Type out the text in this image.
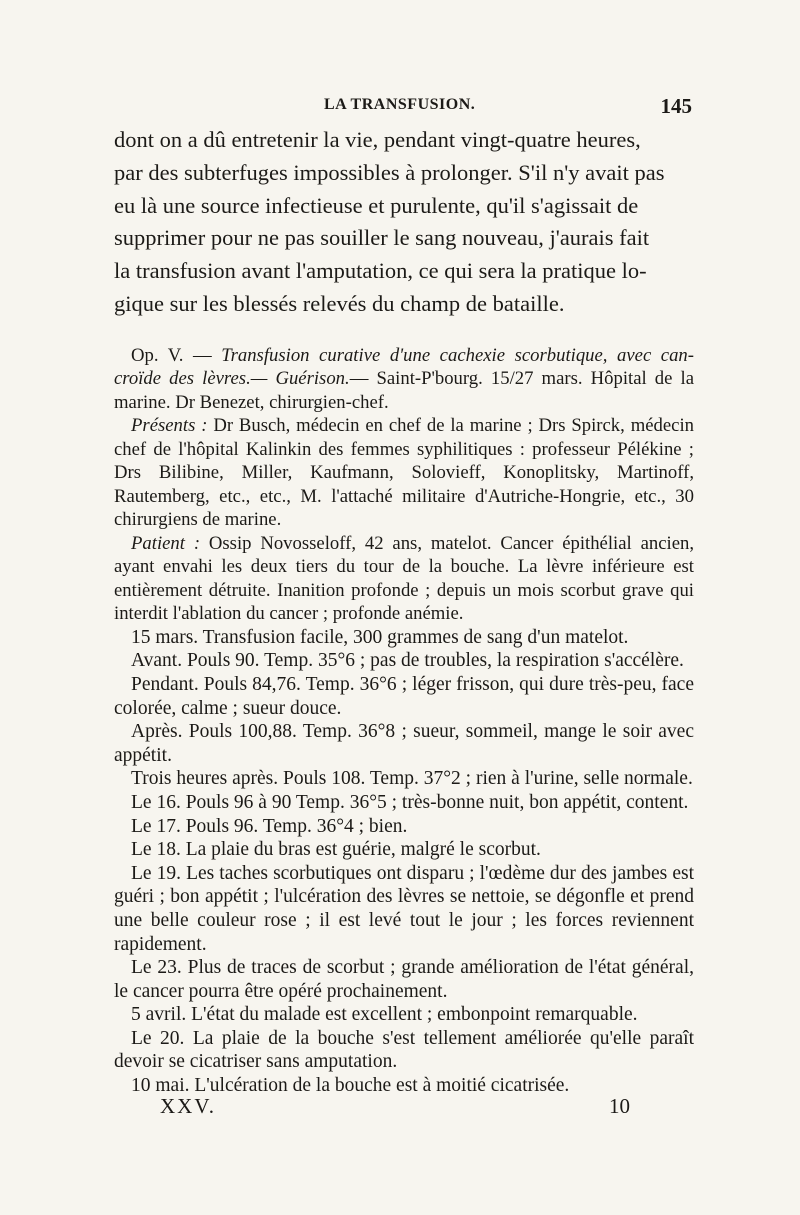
LA TRANSFUSION.	145

dont on a dû entretenir la vie, pendant vingt-quatre heures,

par des subterfuges impossibles à prolonger. S'il n'y avait pas

eu là une source infectieuse et purulente, qu'il s'agissait de

supprimer pour ne pas souiller le sang nouveau, j'aurais fait

la transfusion avant l'amputation, ce qui sera la pratique lo-

gique sur les blessés relevés du champ de bataille.

Op. V. — Transfusion curative d'une cachexie scorbutique, avec can- croïde des lèvres.— Guérison.— Saint-P'bourg. 15/27 mars. Hôpital de la marine. Dr Benezet, chirurgien-chef.

Présents : Dr Busch, médecin en chef de la marine ; Drs Spirck, médecin chef de l'hôpital Kalinkin des femmes syphilitiques : professeur Pélékine ; Drs Bilibine, Miller, Kaufmann, Solovieff, Konoplitsky, Martinoff, Rautemberg, etc., etc., M. l'attaché militaire d'Autriche-Hongrie, etc., 30 chirurgiens de marine.

Patient : Ossip Novosseloff, 42 ans, matelot. Cancer épithélial ancien, ayant envahi les deux tiers du tour de la bouche. La lèvre inférieure est entièrement détruite. Inanition profonde ; depuis un mois scorbut grave qui interdit l'ablation du cancer ; profonde anémie.

15 mars. Transfusion facile, 300 grammes de sang d'un matelot.

Avant. Pouls 90. Temp. 35°6 ; pas de troubles, la respiration s'accélère.

Pendant. Pouls 84,76. Temp. 36°6 ; léger frisson, qui dure très-peu, face colorée, calme ; sueur douce.

Après. Pouls 100,88. Temp. 36°8 ; sueur, sommeil, mange le soir avec appétit.

Trois heures après. Pouls 108. Temp. 37°2 ; rien à l'urine, selle normale.

Le 16. Pouls 96 à 90 Temp. 36°5 ; très-bonne nuit, bon appétit, content.

Le 17. Pouls 96. Temp. 36°4 ; bien.

Le 18. La plaie du bras est guérie, malgré le scorbut.

Le 19. Les taches scorbutiques ont disparu ; l'œdème dur des jambes est guéri ; bon appétit ; l'ulcération des lèvres se nettoie, se dégonfle et prend une belle couleur rose ; il est levé tout le jour ; les forces reviennent rapidement.

Le 23. Plus de traces de scorbut ; grande amélioration de l'état général, le cancer pourra être opéré prochainement.

5 avril. L'état du malade est excellent ; embonpoint remarquable.

Le 20. La plaie de la bouche s'est tellement améliorée qu'elle paraît devoir se cicatriser sans amputation.

10 mai. L'ulcération de la bouche est à moitié cicatrisée.

XXV.	10
